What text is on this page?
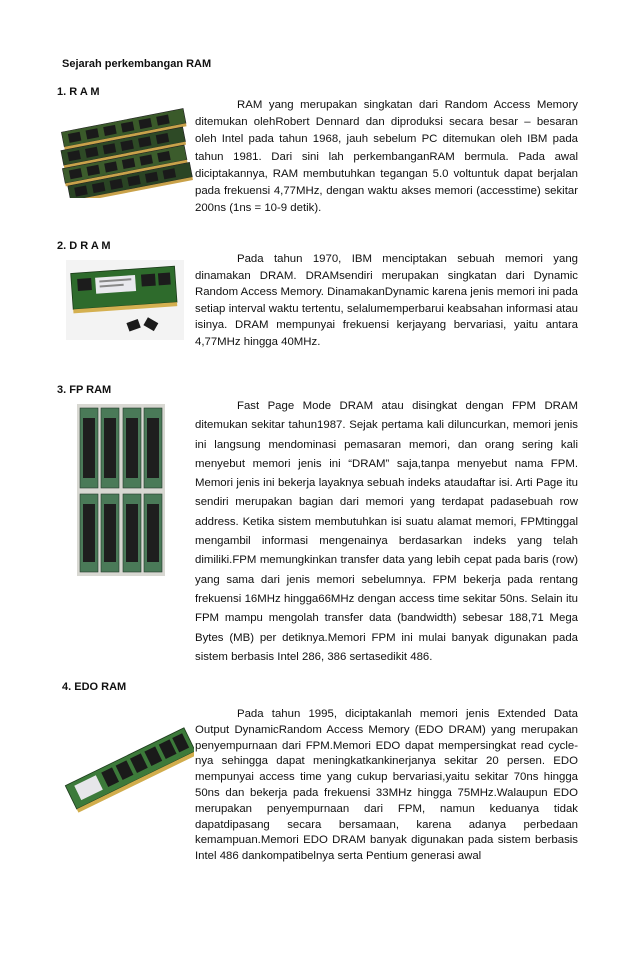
Sejarah perkembangan RAM
1. R A M

RAM yang merupakan singkatan dari Random Access Memory ditemukan olehRobert Dennard dan diproduksi secara besar – besaran oleh Intel pada tahun 1968, jauh sebelum PC ditemukan oleh IBM pada tahun 1981. Dari sini lah perkembanganRAM bermula. Pada awal diciptakannya, RAM membutuhkan tegangan 5.0 voltuntuk dapat berjalan pada frekuensi 4,77MHz, dengan waktu akses memori (accesstime) sekitar 200ns (1ns = 10-9 detik).

2. D R A M

Pada tahun 1970, IBM menciptakan sebuah memori yang dinamakan DRAM. DRAMsendiri merupakan singkatan dari Dynamic Random Access Memory. DinamakanDynamic karena jenis memori ini pada setiap interval waktu tertentu, selalumemperbarui keabsahan informasi atau isinya. DRAM mempunyai frekuensi kerjayang bervariasi, yaitu antara 4,77MHz hingga 40MHz.

3. FP RAM

Fast Page Mode DRAM atau disingkat dengan FPM DRAM ditemukan sekitar tahun1987. Sejak pertama kali diluncurkan, memori jenis ini langsung mendominasi pemasaran memori, dan orang sering kali menyebut memori jenis ini “DRAM” saja,tanpa menyebut nama FPM. Memori jenis ini bekerja layaknya sebuah indeks ataudaftar isi. Arti Page itu sendiri merupakan bagian dari memori yang terdapat padasebuah row address. Ketika sistem membutuhkan isi suatu alamat memori, FPMtinggal mengambil informasi mengenainya berdasarkan indeks yang telah dimiliki.FPM memungkinkan transfer data yang lebih cepat pada baris (row) yang sama dari jenis memori sebelumnya. FPM bekerja pada rentang frekuensi 16MHz hingga66MHz dengan access time sekitar 50ns. Selain itu FPM mampu mengolah transfer data (bandwidth) sebesar 188,71 Mega Bytes (MB) per detiknya.Memori FPM ini mulai banyak digunakan pada sistem berbasis Intel 286, 386 sertasedikit 486.

4. EDO RAM

Pada tahun 1995, diciptakanlah memori jenis Extended Data Output DynamicRandom Access Memory (EDO DRAM) yang merupakan penyempurnaan dari FPM.Memori EDO dapat mempersingkat read cycle-nya sehingga dapat meningkatkankinerjanya sekitar 20 persen. EDO mempunyai access time yang cukup bervariasi,yaitu sekitar 70ns hingga 50ns dan bekerja pada frekuensi 33MHz hingga 75MHz.Walaupun EDO merupakan penyempurnaan dari FPM, namun keduanya tidak dapatdipasang secara bersamaan, karena adanya perbedaan kemampuan.Memori EDO DRAM banyak digunakan pada sistem berbasis Intel 486 dankompatibelnya serta Pentium generasi awal
